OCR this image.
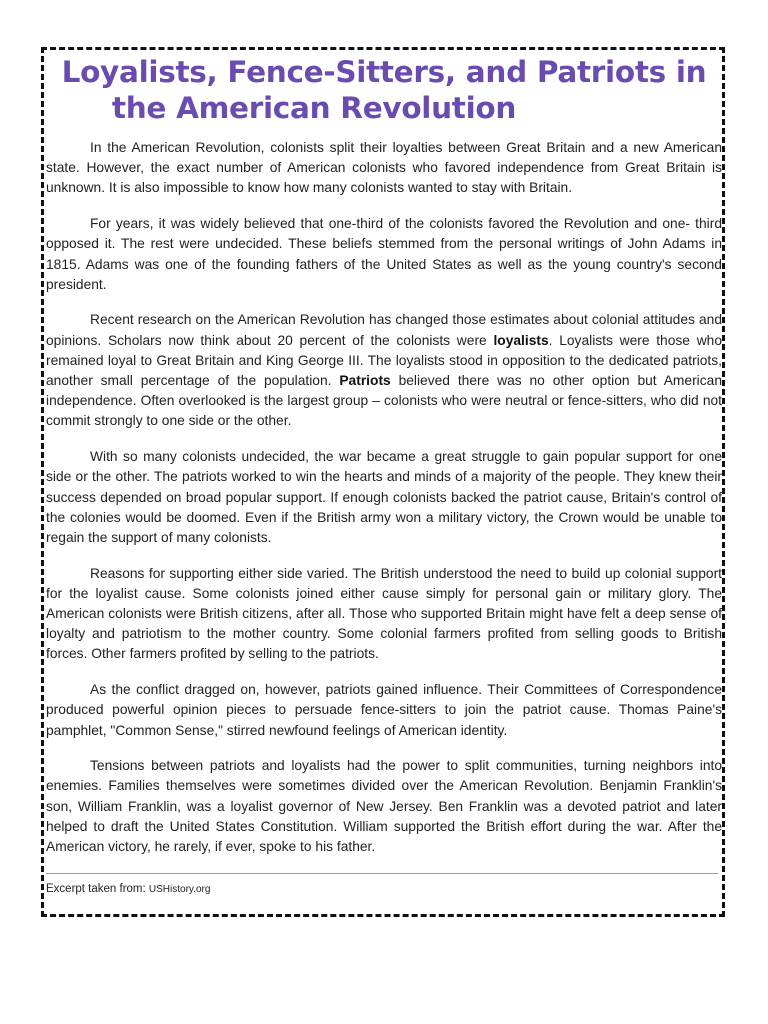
Loyalists, Fence-Sitters, and Patriots in
the American Revolution

In the American Revolution, colonists split their loyalties between Great Britain and a new American state. However, the exact number of American colonists who favored independence from Great Britain is unknown. It is also impossible to know how many colonists wanted to stay with Britain.

For years, it was widely believed that one-third of the colonists favored the Revolution and one- third opposed it. The rest were undecided. These beliefs stemmed from the personal writings of John Adams in 1815. Adams was one of the founding fathers of the United States as well as the young country's second president.

Recent research on the American Revolution has changed those estimates about colonial attitudes and opinions. Scholars now think about 20 percent of the colonists were loyalists. Loyalists were those who remained loyal to Great Britain and King George III. The loyalists stood in opposition to the dedicated patriots, another small percentage of the population. Patriots believed there was no other option but American independence. Often overlooked is the largest group – colonists who were neutral or fence-sitters, who did not commit strongly to one side or the other.

With so many colonists undecided, the war became a great struggle to gain popular support for one side or the other. The patriots worked to win the hearts and minds of a majority of the people. They knew their success depended on broad popular support. If enough colonists backed the patriot cause, Britain's control of the colonies would be doomed. Even if the British army won a military victory, the Crown would be unable to regain the support of many colonists.

Reasons for supporting either side varied. The British understood the need to build up colonial support for the loyalist cause. Some colonists joined either cause simply for personal gain or military glory. The American colonists were British citizens, after all. Those who supported Britain might have felt a deep sense of loyalty and patriotism to the mother country. Some colonial farmers profited from selling goods to British forces. Other farmers profited by selling to the patriots.

As the conflict dragged on, however, patriots gained influence. Their Committees of Correspondence produced powerful opinion pieces to persuade fence-sitters to join the patriot cause. Thomas Paine's pamphlet, "Common Sense," stirred newfound feelings of American identity.

Tensions between patriots and loyalists had the power to split communities, turning neighbors into enemies. Families themselves were sometimes divided over the American Revolution. Benjamin Franklin's son, William Franklin, was a loyalist governor of New Jersey. Ben Franklin was a devoted patriot and later helped to draft the United States Constitution. William supported the British effort during the war. After the American victory, he rarely, if ever, spoke to his father.

Excerpt taken from: USHistory.org
